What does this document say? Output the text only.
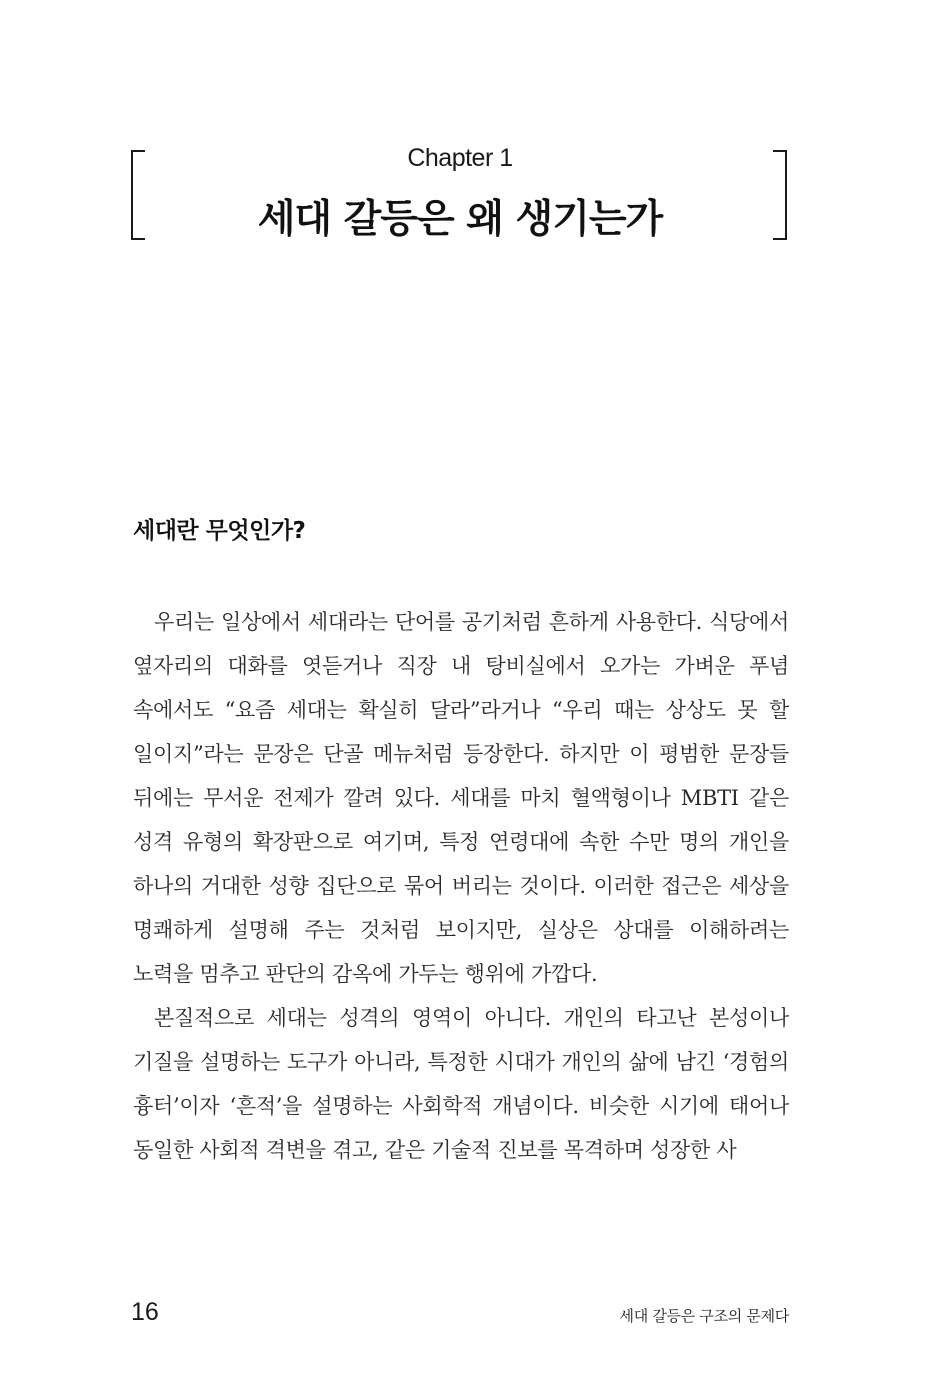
Chapter 1
세대 갈등은 왜 생기는가
세대란 무엇인가?

우리는 일상에서 세대라는 단어를 공기처럼 흔하게 사용한다. 식당에서 옆자리의 대화를 엿듣거나 직장 내 탕비실에서 오가는 가벼운 푸념 속에서도 “요즘 세대는 확실히 달라”라거나 “우리 때는 상상도 못 할 일이지”라는 문장은 단골 메뉴처럼 등장한다. 하지만 이 평범한 문장들 뒤에는 무서운 전제가 깔려 있다. 세대를 마치 혈액형이나 MBTI 같은 성격 유형의 확장판으로 여기며, 특정 연령대에 속한 수만 명의 개인을 하나의 거대한 성향 집단으로 묶어 버리는 것이다. 이러한 접근은 세상을 명쾌하게 설명해 주는 것처럼 보이지만, 실상은 상대를 이해하려는 노력을 멈추고 판단의 감옥에 가두는 행위에 가깝다.

본질적으로 세대는 성격의 영역이 아니다. 개인의 타고난 본성이나 기질을 설명하는 도구가 아니라, 특정한 시대가 개인의 삶에 남긴 ‘경험의 흉터’이자 ‘흔적’을 설명하는 사회학적 개념이다. 비슷한 시기에 태어나 동일한 사회적 격변을 겪고, 같은 기술적 진보를 목격하며 성장한 사

16	세대 갈등은 구조의 문제다
